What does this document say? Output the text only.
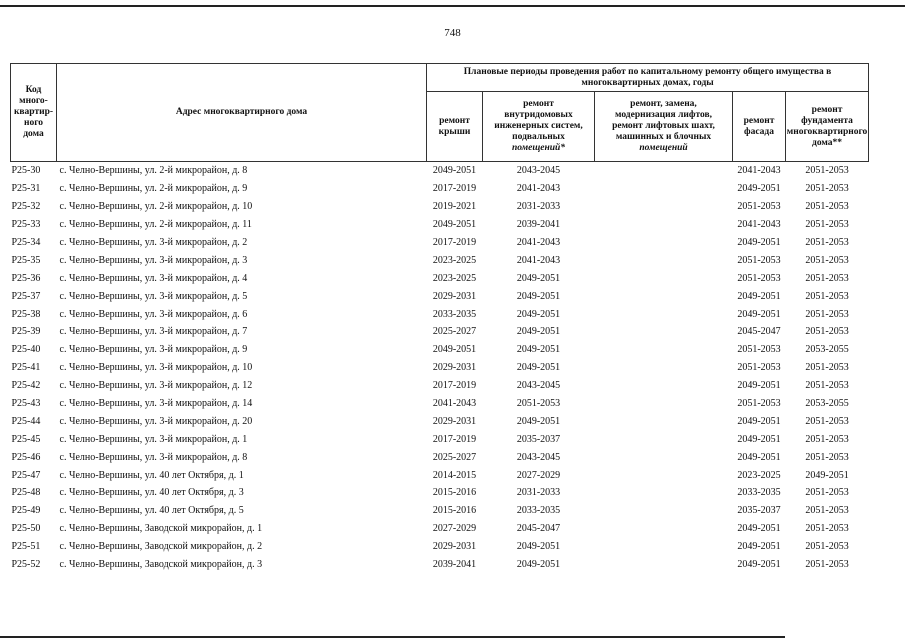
748
Код
много-
квартир-
ного
дома	Адрес многоквартирного дома	Плановые периоды проведения работ по капитальному ремонту общего имущества в многоквартирных домах, годы				
		ремонт
крыши	ремонт
внутридомовых
инженерных систем,
подвальных
помещений*	ремонт, замена,
модернизация лифтов,
ремонт лифтовых шахт,
машинных и блочных
помещений	ремонт
фасада	ремонт
фундамента
многоквартирного
дома**
P25-30	с. Челно-Вершины, ул. 2-й микрорайон, д. 8	2049-2051	2043-2045		2041-2043	2051-2053
P25-31	с. Челно-Вершины, ул. 2-й микрорайон, д. 9	2017-2019	2041-2043		2049-2051	2051-2053
P25-32	с. Челно-Вершины, ул. 2-й микрорайон, д. 10	2019-2021	2031-2033		2051-2053	2051-2053
P25-33	с. Челно-Вершины, ул. 2-й микрорайон, д. 11	2049-2051	2039-2041		2041-2043	2051-2053
P25-34	с. Челно-Вершины, ул. 3-й микрорайон, д. 2	2017-2019	2041-2043		2049-2051	2051-2053
P25-35	с. Челно-Вершины, ул. 3-й микрорайон, д. 3	2023-2025	2041-2043		2051-2053	2051-2053
P25-36	с. Челно-Вершины, ул. 3-й микрорайон, д. 4	2023-2025	2049-2051		2051-2053	2051-2053
P25-37	с. Челно-Вершины, ул. 3-й микрорайон, д. 5	2029-2031	2049-2051		2049-2051	2051-2053
P25-38	с. Челно-Вершины, ул. 3-й микрорайон, д. 6	2033-2035	2049-2051		2049-2051	2051-2053
P25-39	с. Челно-Вершины, ул. 3-й микрорайон, д. 7	2025-2027	2049-2051		2045-2047	2051-2053
P25-40	с. Челно-Вершины, ул. 3-й микрорайон, д. 9	2049-2051	2049-2051		2051-2053	2053-2055
P25-41	с. Челно-Вершины, ул. 3-й микрорайон, д. 10	2029-2031	2049-2051		2051-2053	2051-2053
P25-42	с. Челно-Вершины, ул. 3-й микрорайон, д. 12	2017-2019	2043-2045		2049-2051	2051-2053
P25-43	с. Челно-Вершины, ул. 3-й микрорайон, д. 14	2041-2043	2051-2053		2051-2053	2053-2055
P25-44	с. Челно-Вершины, ул. 3-й микрорайон, д. 20	2029-2031	2049-2051		2049-2051	2051-2053
P25-45	с. Челно-Вершины, ул. 3-й микрорайон, д. 1	2017-2019	2035-2037		2049-2051	2051-2053
P25-46	с. Челно-Вершины, ул. 3-й микрорайон, д. 8	2025-2027	2043-2045		2049-2051	2051-2053
P25-47	с. Челно-Вершины, ул. 40 лет Октября, д. 1	2014-2015	2027-2029		2023-2025	2049-2051
P25-48	с. Челно-Вершины, ул. 40 лет Октября, д. 3	2015-2016	2031-2033		2033-2035	2051-2053
P25-49	с. Челно-Вершины, ул. 40 лет Октября, д. 5	2015-2016	2033-2035		2035-2037	2051-2053
P25-50	с. Челно-Вершины, Заводской микрорайон, д. 1	2027-2029	2045-2047		2049-2051	2051-2053
P25-51	с. Челно-Вершины, Заводской микрорайон, д. 2	2029-2031	2049-2051		2049-2051	2051-2053
P25-52	с. Челно-Вершины, Заводской микрорайон, д. 3	2039-2041	2049-2051		2049-2051	2051-2053
